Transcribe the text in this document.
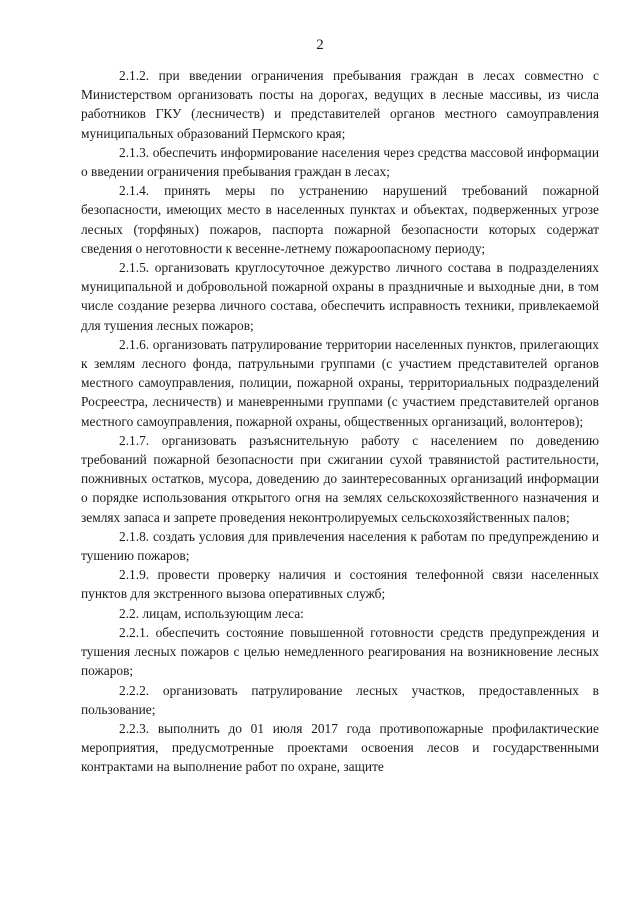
2

2.1.2. при введении ограничения пребывания граждан в лесах совместно с Министерством организовать посты на дорогах, ведущих в лесные массивы, из числа работников ГКУ (лесничеств) и представителей органов местного самоуправления муниципальных образований Пермского края;

2.1.3. обеспечить информирование населения через средства массовой информации о введении ограничения пребывания граждан в лесах;

2.1.4. принять меры по устранению нарушений требований пожарной безопасности, имеющих место в населенных пунктах и объектах, подверженных угрозе лесных (торфяных) пожаров, паспорта пожарной безопасности которых содержат сведения о неготовности к весенне-летнему пожароопасному периоду;

2.1.5. организовать круглосуточное дежурство личного состава в подразделениях муниципальной и добровольной пожарной охраны в праздничные и выходные дни, в том числе создание резерва личного состава, обеспечить исправность техники, привлекаемой для тушения лесных пожаров;

2.1.6. организовать патрулирование территории населенных пунктов, прилегающих к землям лесного фонда, патрульными группами (с участием представителей органов местного самоуправления, полиции, пожарной охраны, территориальных подразделений Росреестра, лесничеств) и маневренными группами (с участием представителей органов местного самоуправления, пожарной охраны, общественных организаций, волонтеров);

2.1.7. организовать разъяснительную работу с населением по доведению требований пожарной безопасности при сжигании сухой травянистой растительности, пожнивных остатков, мусора, доведению до заинтересованных организаций информации о порядке использования открытого огня на землях сельскохозяйственного назначения и землях запаса и запрете проведения неконтролируемых сельскохозяйственных палов;

2.1.8. создать условия для привлечения населения к работам по предупреждению и тушению пожаров;

2.1.9. провести проверку наличия и состояния телефонной связи населенных пунктов для экстренного вызова оперативных служб;

2.2. лицам, использующим леса:

2.2.1. обеспечить состояние повышенной готовности средств предупреждения и тушения лесных пожаров с целью немедленного реагирования на возникновение лесных пожаров;

2.2.2. организовать патрулирование лесных участков, предоставленных в пользование;

2.2.3. выполнить до 01 июля 2017 года противопожарные профилактические мероприятия, предусмотренные проектами освоения лесов и государственными контрактами на выполнение работ по охране, защите
